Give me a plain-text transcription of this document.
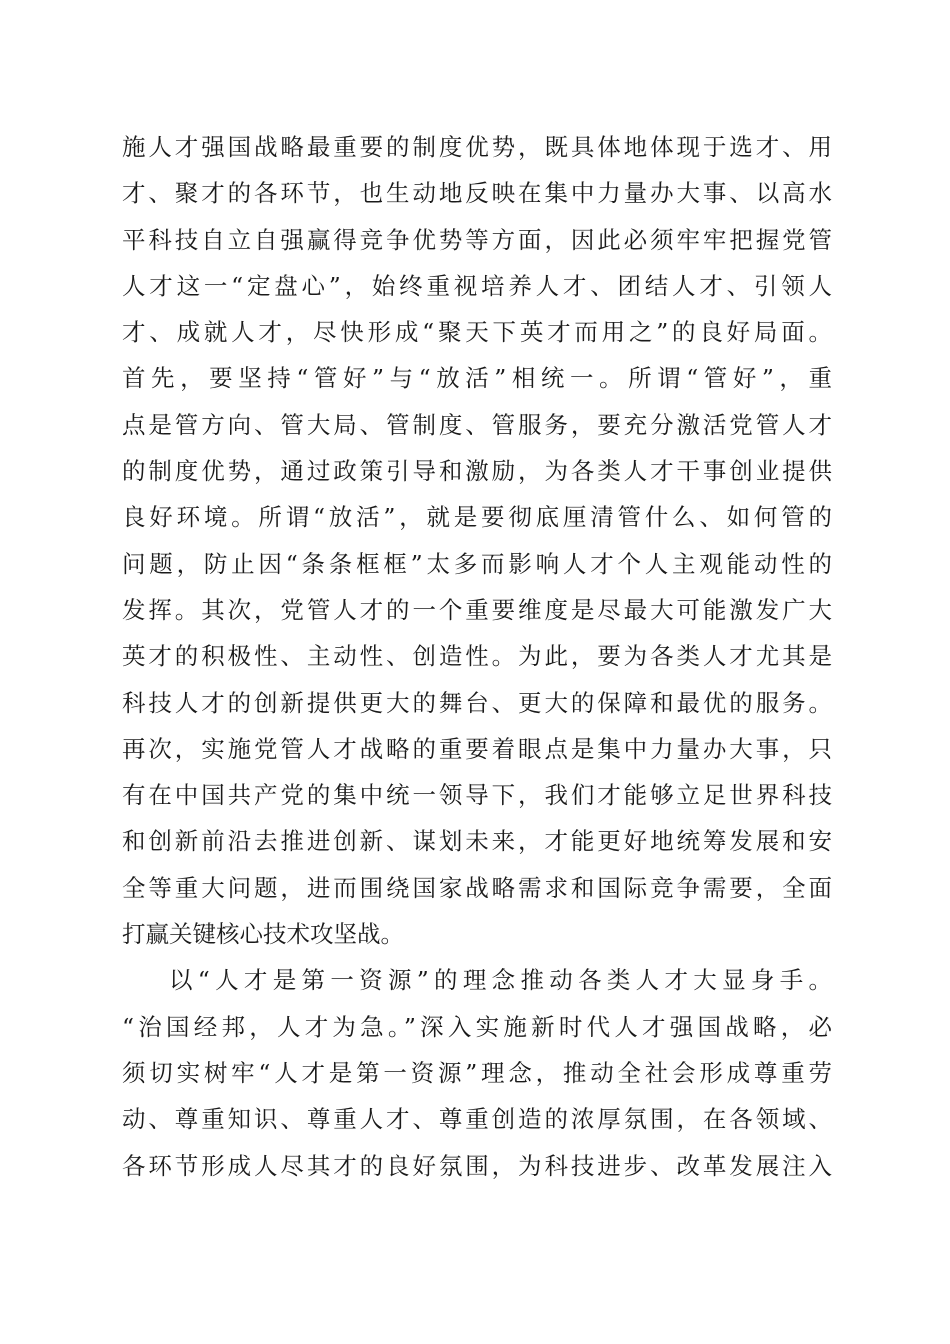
施人才强国战略最重要的制度优势，既具体地体现于选才、用
才、聚才的各环节，也生动地反映在集中力量办大事、以高水
平科技自立自强赢得竞争优势等方面，因此必须牢牢把握党管
人才这一“定盘心”，始终重视培养人才、团结人才、引领人
才、成就人才，尽快形成“聚天下英才而用之”的良好局面。
首先，要坚持“管好”与“放活”相统一。所谓“管好”，重
点是管方向、管大局、管制度、管服务，要充分激活党管人才
的制度优势，通过政策引导和激励，为各类人才干事创业提供
良好环境。所谓“放活”，就是要彻底厘清管什么、如何管的
问题，防止因“条条框框”太多而影响人才个人主观能动性的
发挥。其次，党管人才的一个重要维度是尽最大可能激发广大
英才的积极性、主动性、创造性。为此，要为各类人才尤其是
科技人才的创新提供更大的舞台、更大的保障和最优的服务。
再次，实施党管人才战略的重要着眼点是集中力量办大事，只
有在中国共产党的集中统一领导下，我们才能够立足世界科技
和创新前沿去推进创新、谋划未来，才能更好地统筹发展和安
全等重大问题，进而围绕国家战略需求和国际竞争需要，全面
打赢关键核心技术攻坚战。
以“人才是第一资源”的理念推动各类人才大显身手。
“治国经邦，人才为急。”深入实施新时代人才强国战略，必
须切实树牢“人才是第一资源”理念，推动全社会形成尊重劳
动、尊重知识、尊重人才、尊重创造的浓厚氛围，在各领域、
各环节形成人尽其才的良好氛围，为科技进步、改革发展注入
